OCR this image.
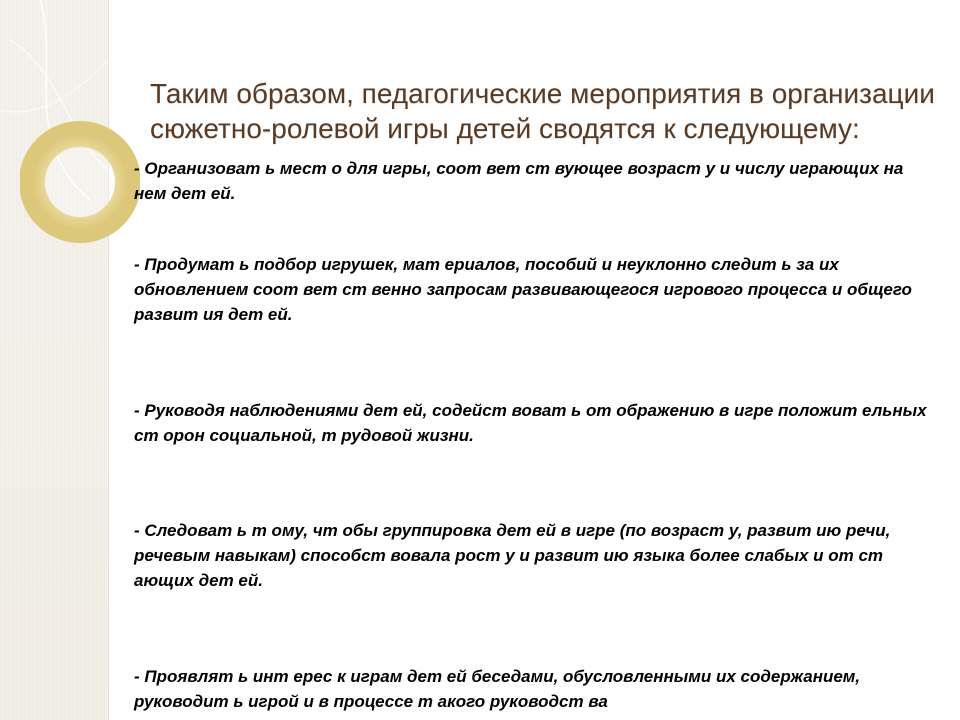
Таким образом, педагогические мероприятия в организации сюжетно-ролевой игры детей сводятся к следующему:

- Организоват ь мест о для игры, соот вет ст вующее возраст у и числу играющих на нем дет ей.

- Продумат ь подбор игрушек, мат ериалов, пособий и неуклонно следит ь за их обновлением соот вет ст венно запросам развивающегося игрового процесса и общего развит ия дет ей.

- Руководя наблюдениями дет ей, содейст воват ь от ображению в игре положит ельных ст орон социальной, т рудовой жизни.

- Следоват ь т ому, чт обы группировка дет ей в игре (по возраст у, развит ию речи, речевым навыкам) способст вовала рост у и развит ию языка более слабых и от ст ающих дет ей.

- Проявлят ь инт ерес к играм дет ей беседами, обусловленными их содержанием, руководит ь игрой и в процессе т акого руководст ва
